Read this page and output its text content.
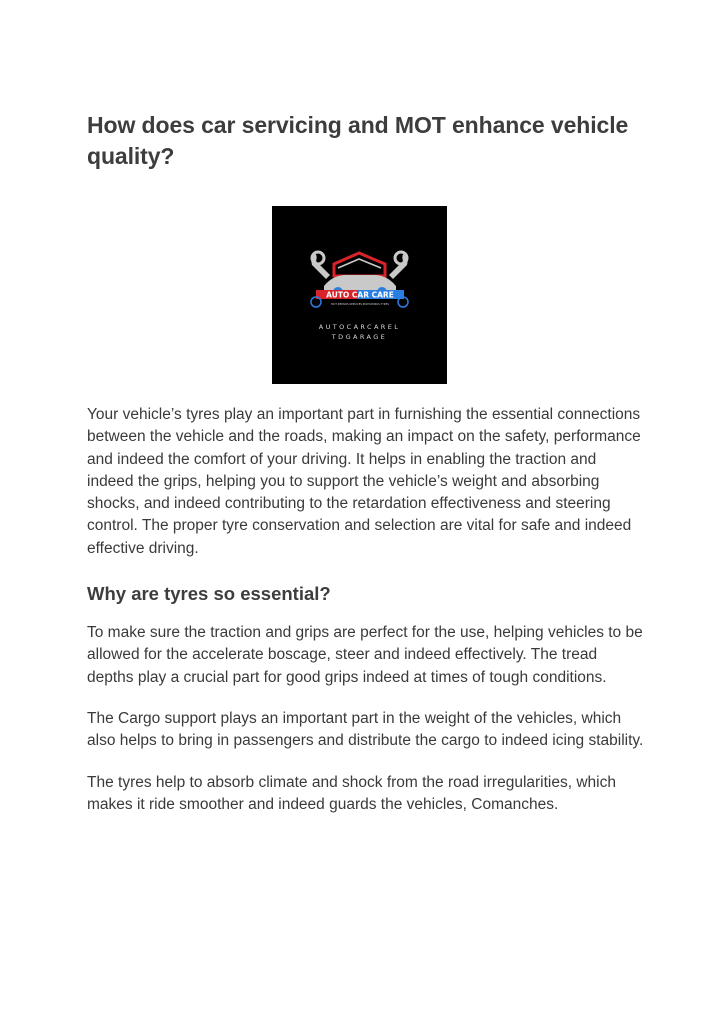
How does car servicing and MOT enhance vehicle quality?
AUTO CAR CARE
MOT·REPAIRS·SERVICES·BODYWORKS·TYRES
AUTOCARCAREL
TDGARAGE

Your vehicle’s tyres play an important part in furnishing the essential connections between the vehicle and the roads, making an impact on the safety, performance and indeed the comfort of your driving. It helps in enabling the traction and indeed the grips, helping you to support the vehicle’s weight and absorbing shocks, and indeed contributing to the retardation effectiveness and steering control. The proper tyre conservation and selection are vital for safe and indeed effective driving.

Why are tyres so essential?

To make sure the traction and grips are perfect for the use, helping vehicles to be allowed for the accelerate boscage, steer and indeed effectively. The tread depths play a crucial part for good grips indeed at times of tough conditions.

The Cargo support plays an important part in the weight of the vehicles, which also helps to bring in passengers and distribute the cargo to indeed icing stability.

The tyres help to absorb climate and shock from the road irregularities, which makes it ride smoother and indeed guards the vehicles, Comanches.
